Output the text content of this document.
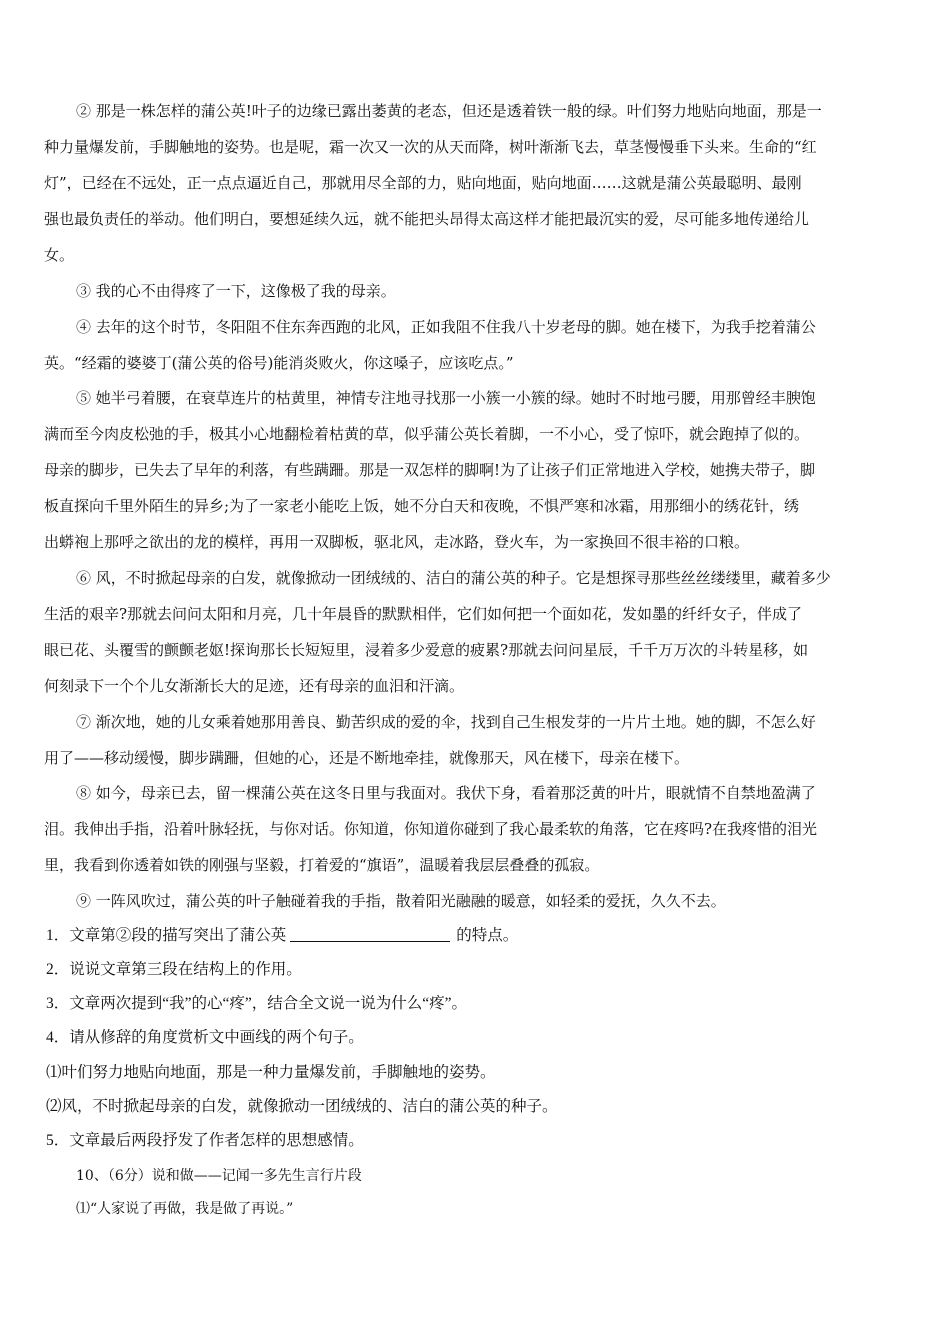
② 那是一株怎样的蒲公英!叶子的边缘已露出萎黄的老态，但还是透着铁一般的绿。叶们努力地贴向地面，那是一
种力量爆发前，手脚触地的姿势。也是呢，霜一次又一次的从天而降，树叶渐渐飞去，草茎慢慢垂下头来。生命的“红
灯”，已经在不远处，正一点点逼近自己，那就用尽全部的力，贴向地面，贴向地面……这就是蒲公英最聪明、最刚
强也最负责任的举动。他们明白，要想延续久远，就不能把头昂得太高这样才能把最沉实的爱，尽可能多地传递给儿
女。
③ 我的心不由得疼了一下，这像极了我的母亲。
④ 去年的这个时节，冬阳阻不住东奔西跑的北风，正如我阻不住我八十岁老母的脚。她在楼下，为我手挖着蒲公
英。“经霜的婆婆丁(蒲公英的俗号)能消炎败火，你这嗓子，应该吃点。”
⑤ 她半弓着腰，在衰草连片的枯黄里，神情专注地寻找那一小簇一小簇的绿。她时不时地弓腰，用那曾经丰腴饱
满而至今肉皮松弛的手，极其小心地翻检着枯黄的草，似乎蒲公英长着脚，一不小心，受了惊吓，就会跑掉了似的。
母亲的脚步，已失去了早年的利落，有些蹒跚。那是一双怎样的脚啊!为了让孩子们正常地进入学校，她携夫带子，脚
板直探向千里外陌生的异乡;为了一家老小能吃上饭，她不分白天和夜晚，不惧严寒和冰霜，用那细小的绣花针，绣
出蟒袍上那呼之欲出的龙的模样，再用一双脚板，驱北风，走冰路，登火车，为一家换回不很丰裕的口粮。
⑥ 风，不时掀起母亲的白发，就像掀动一团绒绒的、洁白的蒲公英的种子。它是想探寻那些丝丝缕缕里，藏着多少
生活的艰辛?那就去问问太阳和月亮，几十年晨昏的默默相伴，它们如何把一个面如花，发如墨的纤纤女子，伴成了
眼已花、头覆雪的颤颤老妪!探询那长长短短里，浸着多少爱意的疲累?那就去问问星辰，千千万万次的斗转星移，如
何刻录下一个个儿女渐渐长大的足迹，还有母亲的血汨和汗滴。
⑦ 渐次地，她的儿女乘着她那用善良、勤苦织成的爱的伞，找到自己生根发芽的一片片土地。她的脚，不怎么好
用了——移动缓慢，脚步蹒跚，但她的心，还是不断地牵挂，就像那天，风在楼下，母亲在楼下。
⑧ 如今，母亲已去，留一棵蒲公英在这冬日里与我面对。我伏下身，看着那泛黄的叶片，眼就情不自禁地盈满了
泪。我伸出手指，沿着叶脉轻抚，与你对话。你知道，你知道你碰到了我心最柔软的角落，它在疼吗?在我疼惜的泪光
里，我看到你透着如铁的刚强与坚毅，打着爱的“旗语”，温暖着我层层叠叠的孤寂。
⑨ 一阵风吹过，蒲公英的叶子触碰着我的手指，散着阳光融融的暖意，如轻柔的爱抚，久久不去。
1．文章第②段的描写突出了蒲公英	的特点。
2．说说文章第三段在结构上的作用。
3．文章两次提到“我”的心“疼”，结合全文说一说为什么“疼”。
4．请从修辞的角度赏析文中画线的两个句子。
⑴叶们努力地贴向地面，那是一种力量爆发前，手脚触地的姿势。
⑵风，不时掀起母亲的白发，就像掀动一团绒绒的、洁白的蒲公英的种子。
5．文章最后两段抒发了作者怎样的思想感情。
10、（6分）说和做——记闻一多先生言行片段
⑴“人家说了再做，我是做了再说。”
